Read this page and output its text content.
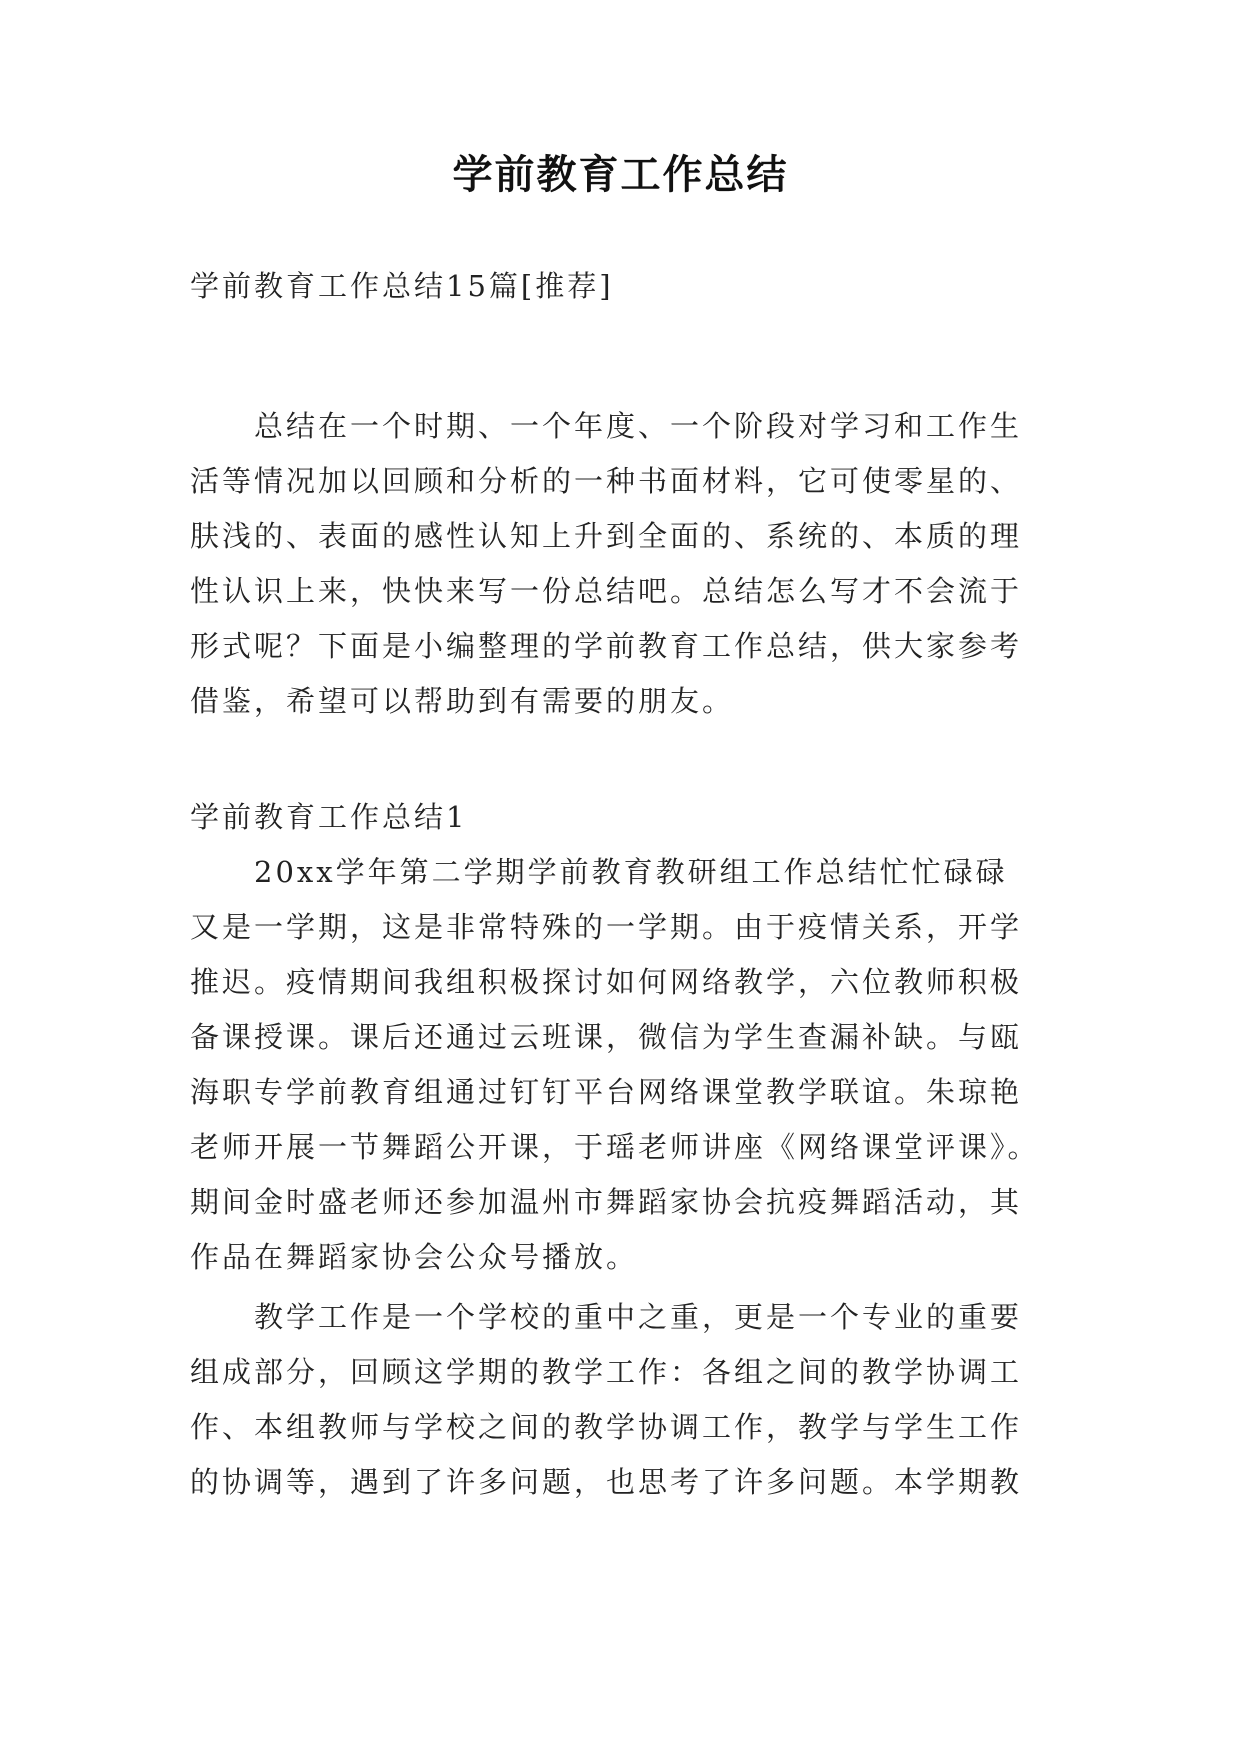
学前教育工作总结
学前教育工作总结15篇[推荐]
总结在一个时期、一个年度、一个阶段对学习和工作生
活等情况加以回顾和分析的一种书面材料，它可使零星的、
肤浅的、表面的感性认知上升到全面的、系统的、本质的理
性认识上来，快快来写一份总结吧。总结怎么写才不会流于
形式呢？下面是小编整理的学前教育工作总结，供大家参考
借鉴，希望可以帮助到有需要的朋友。
学前教育工作总结1
20xx学年第二学期学前教育教研组工作总结忙忙碌碌
又是一学期，这是非常特殊的一学期。由于疫情关系，开学
推迟。疫情期间我组积极探讨如何网络教学，六位教师积极
备课授课。课后还通过云班课，微信为学生查漏补缺。与瓯
海职专学前教育组通过钉钉平台网络课堂教学联谊。朱琼艳
老师开展一节舞蹈公开课，于瑶老师讲座《网络课堂评课》。
期间金时盛老师还参加温州市舞蹈家协会抗疫舞蹈活动，其
作品在舞蹈家协会公众号播放。
教学工作是一个学校的重中之重，更是一个专业的重要
组成部分，回顾这学期的教学工作：各组之间的教学协调工
作、本组教师与学校之间的教学协调工作，教学与学生工作
的协调等，遇到了许多问题，也思考了许多问题。本学期教
